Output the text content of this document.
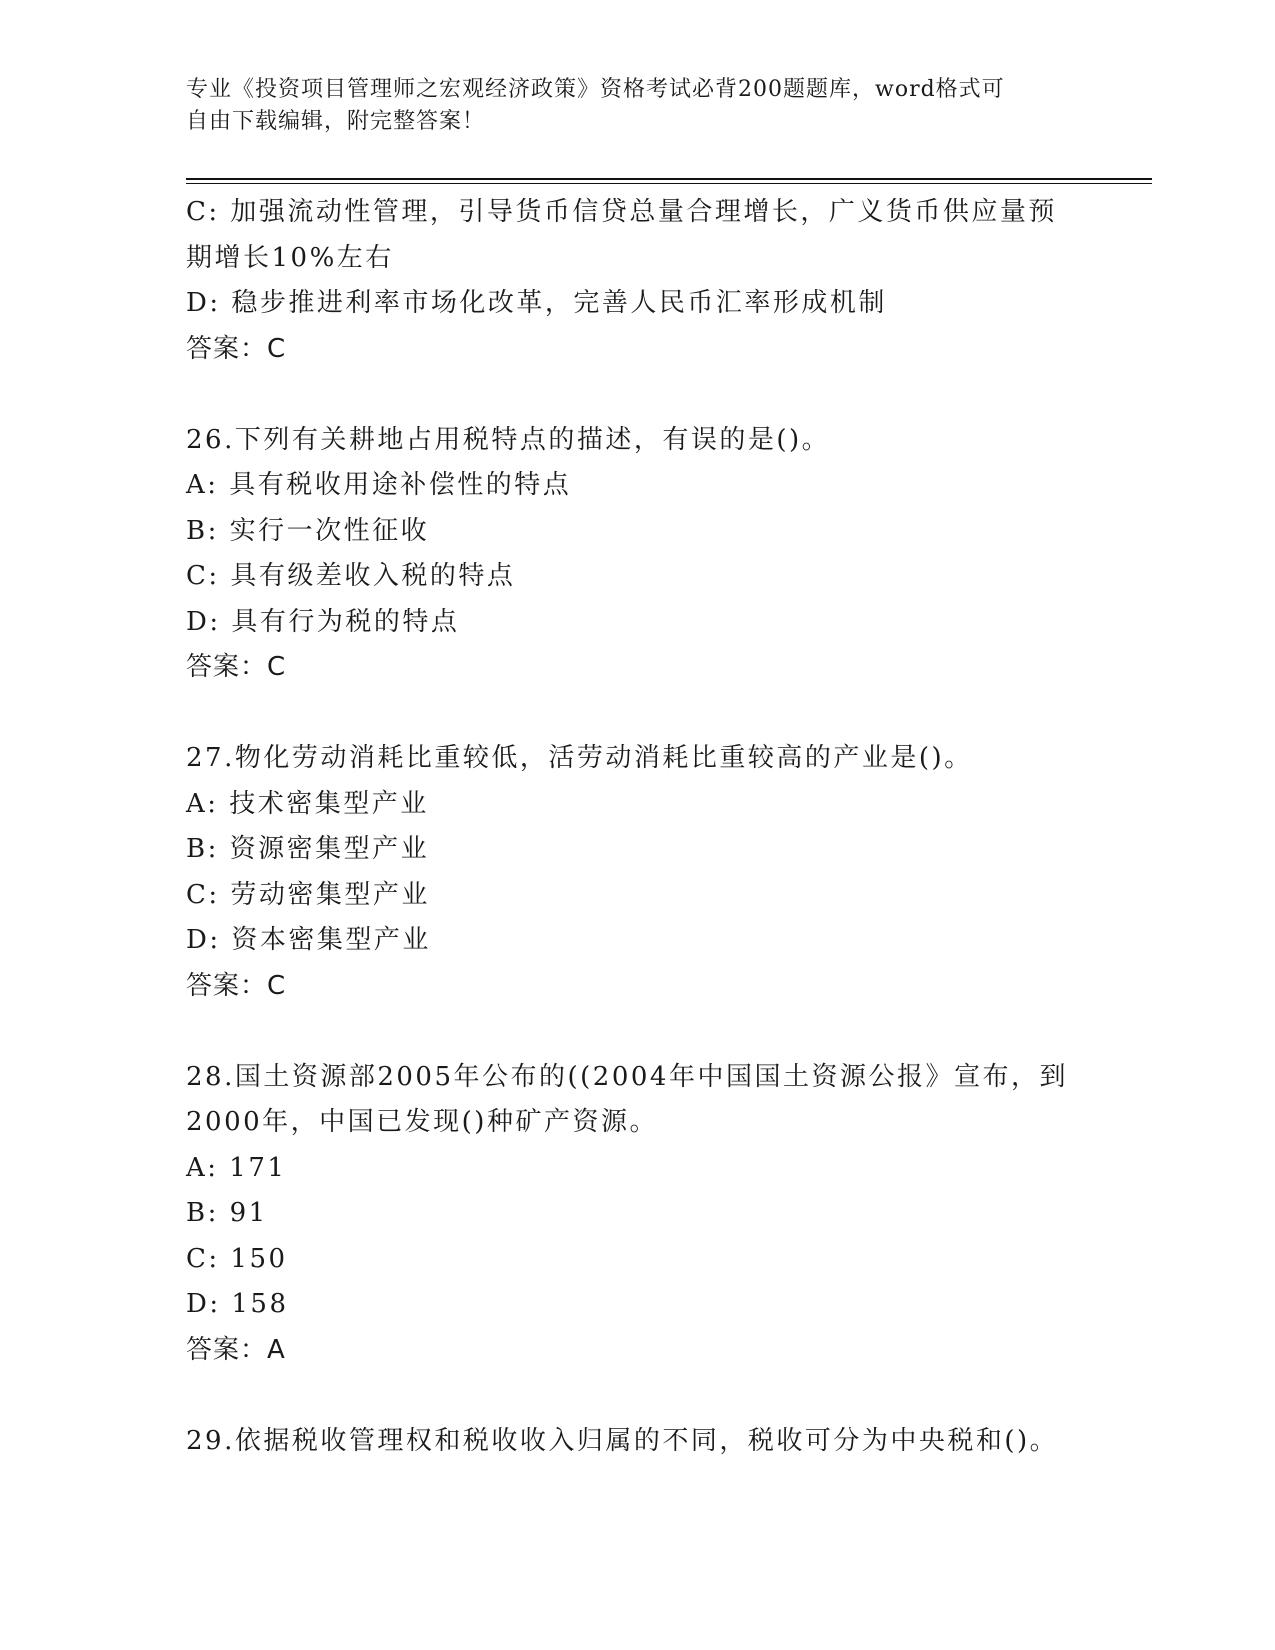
专业《投资项目管理师之宏观经济政策》资格考试必背200题题库，word格式可
自由下载编辑，附完整答案！

C: 加强流动性管理，引导货币信贷总量合理增长，广义货币供应量预

期增长10%左右

D: 稳步推进利率市场化改革，完善人民币汇率形成机制

答案：C

26.下列有关耕地占用税特点的描述，有误的是()。

A: 具有税收用途补偿性的特点

B: 实行一次性征收

C: 具有级差收入税的特点

D: 具有行为税的特点

答案：C

27.物化劳动消耗比重较低，活劳动消耗比重较高的产业是()。

A: 技术密集型产业

B: 资源密集型产业

C: 劳动密集型产业

D: 资本密集型产业

答案：C

28.国土资源部2005年公布的((2004年中国国土资源公报》宣布，到

2000年，中国已发现()种矿产资源。

A: 171

B: 91

C: 150

D: 158

答案：A

29.依据税收管理权和税收收入归属的不同，税收可分为中央税和()。
